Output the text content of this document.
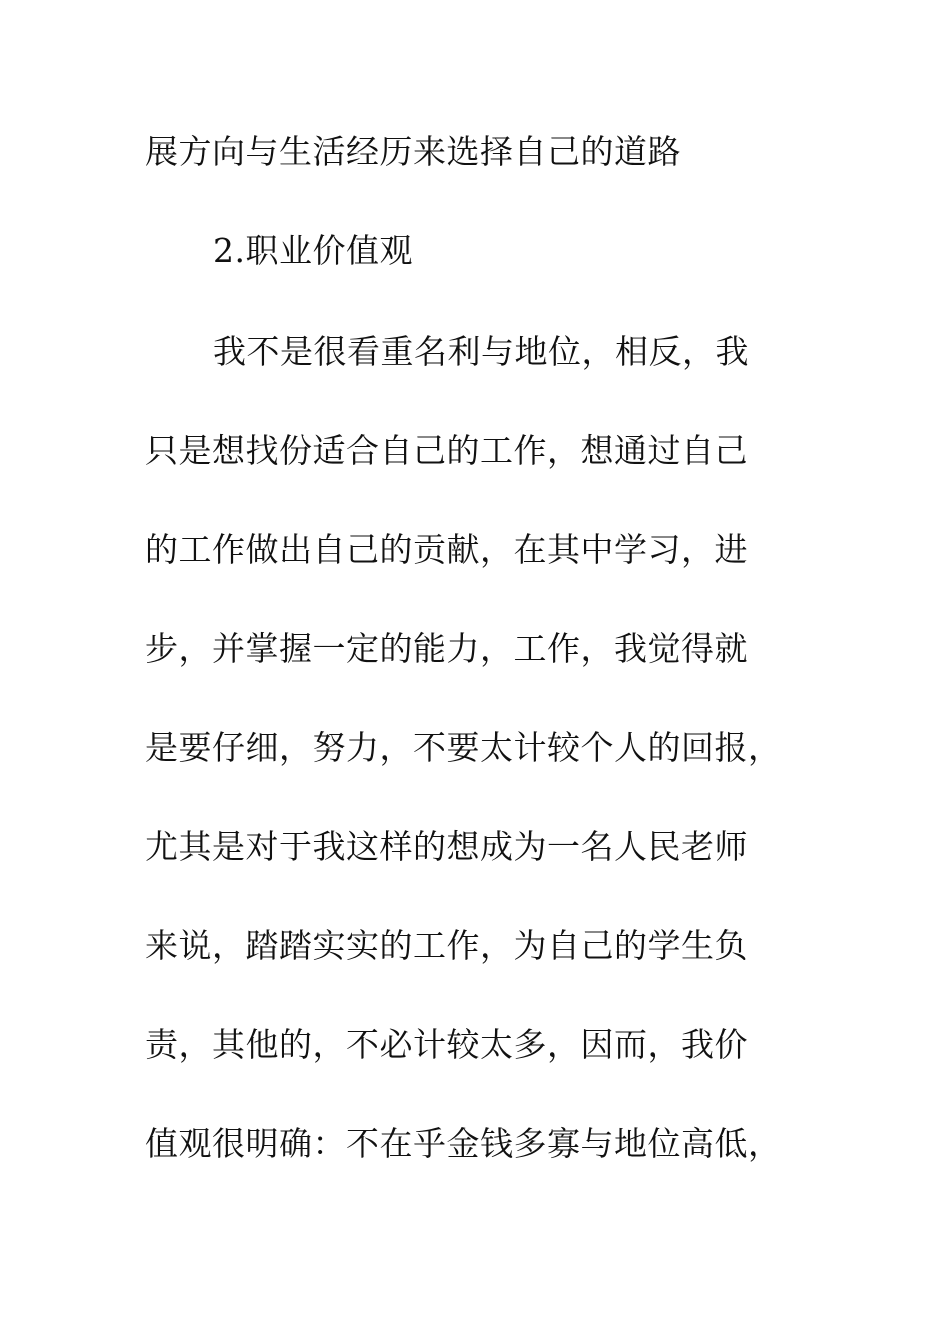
展方向与生活经历来选择自己的道路
2.职业价值观
我不是很看重名利与地位，相反，我
只是想找份适合自己的工作，想通过自己
的工作做出自己的贡献，在其中学习，进
步，并掌握一定的能力，工作，我觉得就
是要仔细，努力，不要太计较个人的回报，
尤其是对于我这样的想成为一名人民老师
来说，踏踏实实的工作，为自己的学生负
责，其他的，不必计较太多，因而，我价
值观很明确：不在乎金钱多寡与地位高低，
